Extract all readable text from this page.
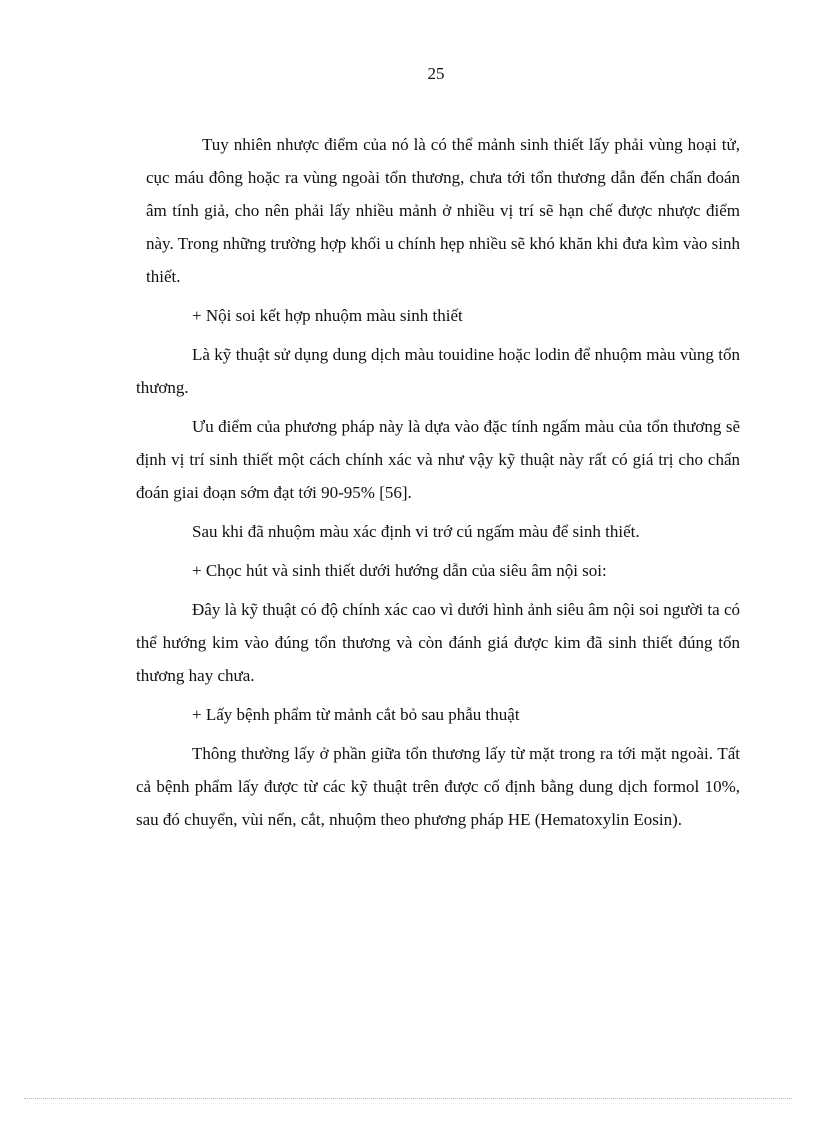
25

Tuy nhiên nhược điểm của nó là có thể mảnh sinh thiết lấy phải vùng hoại tử, cục máu đông hoặc ra vùng ngoài tổn thương, chưa tới tổn thương dẫn đến chẩn đoán âm tính giả, cho nên phải lấy nhiều mảnh ở nhiều vị trí sẽ hạn chế được nhược điểm này. Trong những trường hợp khối u chính hẹp nhiều sẽ khó khăn khi đưa kìm vào sinh thiết.

+ Nội soi kết hợp nhuộm màu sinh thiết

Là kỹ thuật sử dụng dung dịch màu touidine hoặc lodin để nhuộm màu vùng tổn thương.

Ưu điểm của phương pháp này là dựa vào đặc tính ngấm màu của tổn thương sẽ định vị trí sinh thiết một cách chính xác và như vậy kỹ thuật này rất có giá trị cho chẩn đoán giai đoạn sớm đạt tới 90-95% [56].

Sau khi đã nhuộm màu xác định vi trớ cú ngấm màu để sinh thiết.

+ Chọc hút và sinh thiết dưới hướng dẫn của siêu âm nội soi:

Đây là kỹ thuật có độ chính xác cao vì dưới hình ảnh siêu âm nội soi người ta có thể hướng kim vào đúng tổn thương và còn đánh giá được kim đã sinh thiết đúng tổn thương hay chưa.

+ Lấy bệnh phẩm từ mảnh cắt bỏ sau phẫu thuật

Thông thường lấy ở phần giữa tổn thương lấy từ mặt trong ra tới mặt ngoài. Tất cả bệnh phẩm lấy được từ các kỹ thuật trên được cố định bằng dung dịch formol 10%, sau đó chuyển, vùi nến, cắt, nhuộm theo phương pháp HE (Hematoxylin Eosin).
